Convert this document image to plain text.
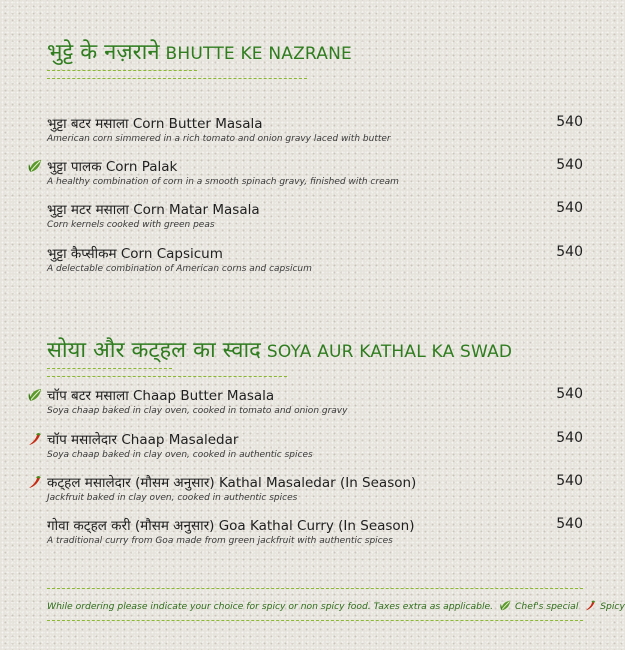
भुट्टे के नज़राने BHUTTE KE NAZRANE
भुट्टा बटर मसाला Corn Butter Masala
American corn simmered in a rich tomato and onion gravy laced with butter
540
भुट्टा पालक Corn Palak
A healthy combination of corn in a smooth spinach gravy, finished with cream
540
भुट्टा मटर मसाला Corn Matar Masala
Corn kernels cooked with green peas
540
भुट्टा कैप्सीकम Corn Capsicum
A delectable combination of American corns and capsicum
540
सोया और कट्हल का स्वाद SOYA AUR KATHAL KA SWAD
चॉप बटर मसाला Chaap Butter Masala
Soya chaap baked in clay oven, cooked in tomato and onion gravy
540
चॉप मसालेदार Chaap Masaledar
Soya chaap baked in clay oven, cooked in authentic spices
540
कट्हल मसालेदार (मौसम अनुसार) Kathal Masaledar (In Season)
Jackfruit baked in clay oven, cooked in authentic spices
540
गोवा कट्हल करी (मौसम अनुसार) Goa Kathal Curry (In Season)
A traditional curry from Goa made from green jackfruit with authentic spices
540
While ordering please indicate your choice for spicy or non spicy food. Taxes extra as applicable. Chef's special Spicy
